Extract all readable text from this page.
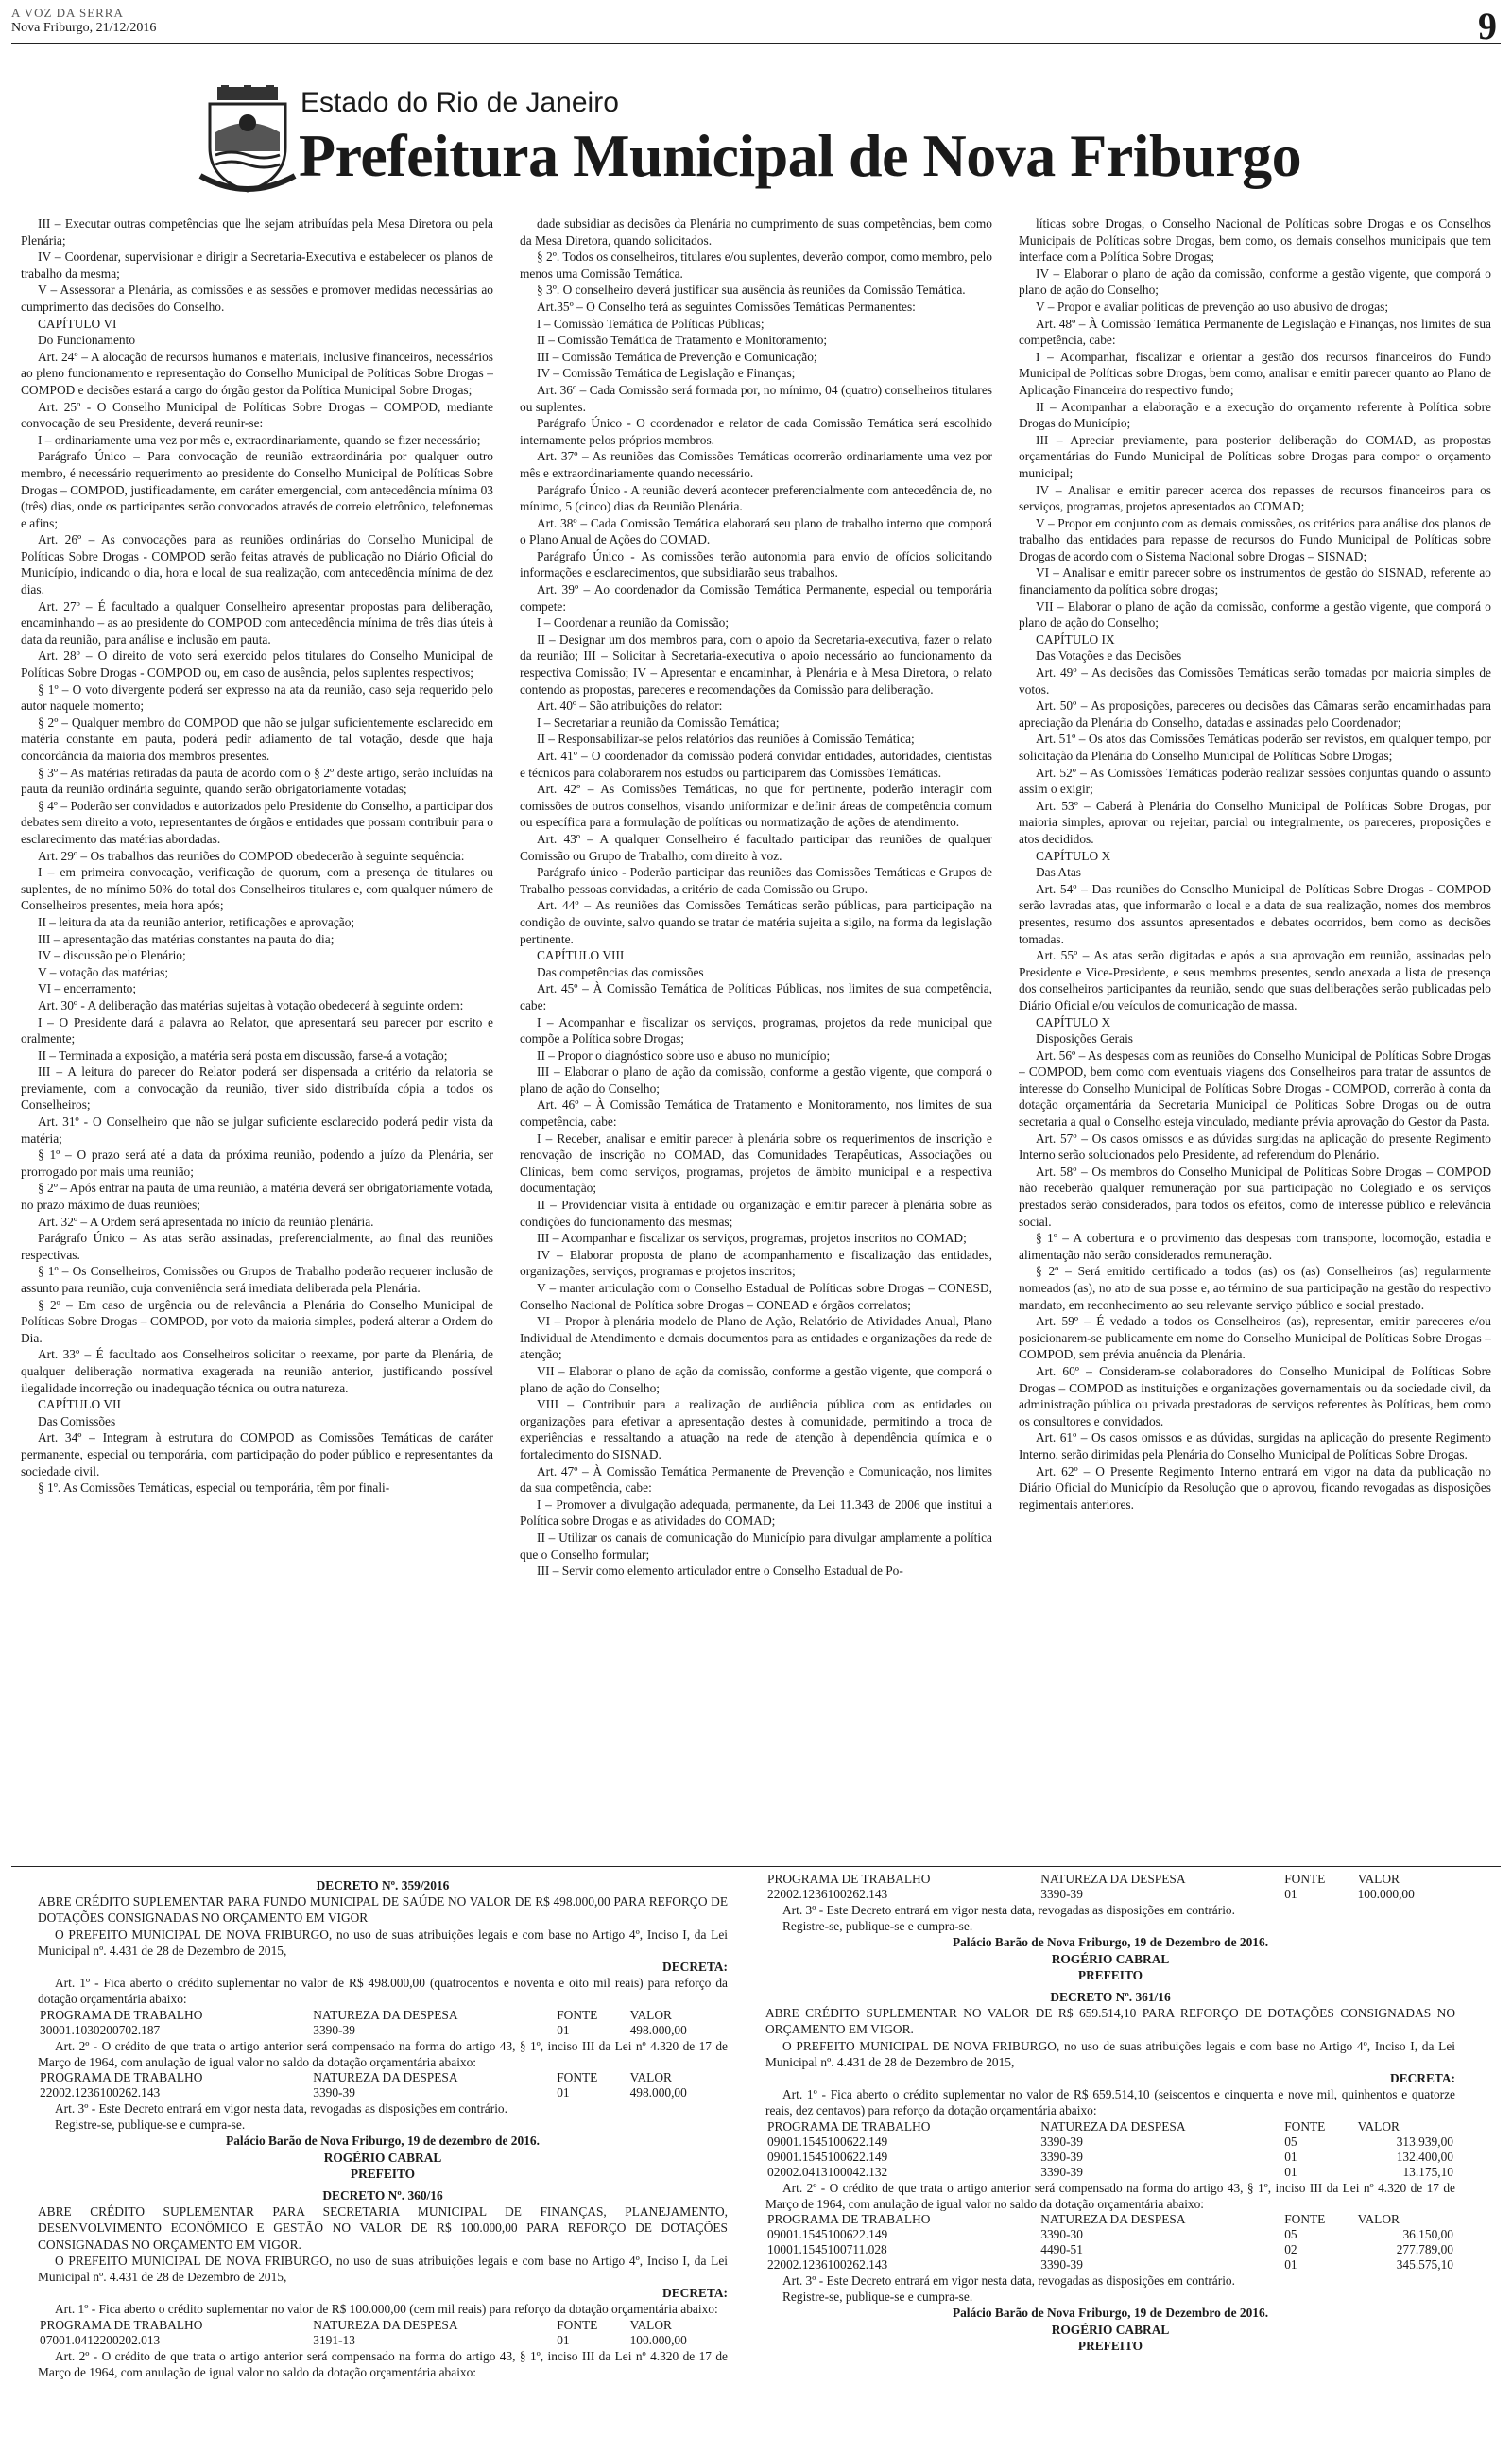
A VOZ DA SERRA
Nova Friburgo, 21/12/2016	9
Estado do Rio de Janeiro
Prefeitura Municipal de Nova Friburgo

III – Executar outras competências que lhe sejam atribuídas pela Mesa Diretora ou pela Plenária;

IV – Coordenar, supervisionar e dirigir a Secretaria-Executiva e estabelecer os planos de trabalho da mesma;

V – Assessorar a Plenária, as comissões e as sessões e promover medidas necessárias ao cumprimento das decisões do Conselho.

CAPÍTULO VI

Do Funcionamento

Art. 24º – A alocação de recursos humanos e materiais, inclusive financeiros, necessários ao pleno funcionamento e representação do Conselho Municipal de Políticas Sobre Drogas – COMPOD e decisões estará a cargo do órgão gestor da Política Municipal Sobre Drogas;

Art. 25º - O Conselho Municipal de Políticas Sobre Drogas – COMPOD, mediante convocação de seu Presidente, deverá reunir-se:

I – ordinariamente uma vez por mês e, extraordinariamente, quando se fizer necessário;

Parágrafo Único – Para convocação de reunião extraordinária por qualquer outro membro, é necessário requerimento ao presidente do Conselho Municipal de Políticas Sobre Drogas – COMPOD, justificadamente, em caráter emergencial, com antecedência mínima 03 (três) dias, onde os participantes serão convocados através de correio eletrônico, telefonemas e afins;

Art. 26º – As convocações para as reuniões ordinárias do Conselho Municipal de Políticas Sobre Drogas - COMPOD serão feitas através de publicação no Diário Oficial do Município, indicando o dia, hora e local de sua realização, com antecedência mínima de dez dias.

Art. 27º – É facultado a qualquer Conselheiro apresentar propostas para deliberação, encaminhando – as ao presidente do COMPOD com antecedência mínima de três dias úteis à data da reunião, para análise e inclusão em pauta.

Art. 28º – O direito de voto será exercido pelos titulares do Conselho Municipal de Políticas Sobre Drogas - COMPOD ou, em caso de ausência, pelos suplentes respectivos;

§ 1º – O voto divergente poderá ser expresso na ata da reunião, caso seja requerido pelo autor naquele momento;

§ 2º – Qualquer membro do COMPOD que não se julgar suficientemente esclarecido em matéria constante em pauta, poderá pedir adiamento de tal votação, desde que haja concordância da maioria dos membros presentes.

§ 3º – As matérias retiradas da pauta de acordo com o § 2º deste artigo, serão incluídas na pauta da reunião ordinária seguinte, quando serão obrigatoriamente votadas;

§ 4º – Poderão ser convidados e autorizados pelo Presidente do Conselho, a participar dos debates sem direito a voto, representantes de órgãos e entidades que possam contribuir para o esclarecimento das matérias abordadas.

Art. 29º – Os trabalhos das reuniões do COMPOD obedecerão à seguinte sequência:

I – em primeira convocação, verificação de quorum, com a presença de titulares ou suplentes, de no mínimo 50% do total dos Conselheiros titulares e, com qualquer número de Conselheiros presentes, meia hora após;

II – leitura da ata da reunião anterior, retificações e aprovação;

III – apresentação das matérias constantes na pauta do dia;

IV – discussão pelo Plenário;

V – votação das matérias;

VI – encerramento;

Art. 30º - A deliberação das matérias sujeitas à votação obedecerá à seguinte ordem:

I – O Presidente dará a palavra ao Relator, que apresentará seu parecer por escrito e oralmente;

II – Terminada a exposição, a matéria será posta em discussão, farse-á a votação;

III – A leitura do parecer do Relator poderá ser dispensada a critério da relatoria se previamente, com a convocação da reunião, tiver sido distribuída cópia a todos os Conselheiros;

Art. 31º - O Conselheiro que não se julgar suficiente esclarecido poderá pedir vista da matéria;

§ 1º – O prazo será até a data da próxima reunião, podendo a juízo da Plenária, ser prorrogado por mais uma reunião;

§ 2º – Após entrar na pauta de uma reunião, a matéria deverá ser obrigatoriamente votada, no prazo máximo de duas reuniões;

Art. 32º – A Ordem será apresentada no início da reunião plenária.

Parágrafo Único – As atas serão assinadas, preferencialmente, ao final das reuniões respectivas.

§ 1º – Os Conselheiros, Comissões ou Grupos de Trabalho poderão requerer inclusão de assunto para reunião, cuja conveniência será imediata deliberada pela Plenária.

§ 2º – Em caso de urgência ou de relevância a Plenária do Conselho Municipal de Políticas Sobre Drogas – COMPOD, por voto da maioria simples, poderá alterar a Ordem do Dia.

Art. 33º – É facultado aos Conselheiros solicitar o reexame, por parte da Plenária, de qualquer deliberação normativa exagerada na reunião anterior, justificando possível ilegalidade incorreção ou inadequação técnica ou outra natureza.

CAPÍTULO VII

Das Comissões

Art. 34º – Integram à estrutura do COMPOD as Comissões Temáticas de caráter permanente, especial ou temporária, com participação do poder público e representantes da sociedade civil.

§ 1º. As Comissões Temáticas, especial ou temporária, têm por finali-

dade subsidiar as decisões da Plenária no cumprimento de suas competências, bem como da Mesa Diretora, quando solicitados.

§ 2º. Todos os conselheiros, titulares e/ou suplentes, deverão compor, como membro, pelo menos uma Comissão Temática.

§ 3º. O conselheiro deverá justificar sua ausência às reuniões da Comissão Temática.

Art.35º – O Conselho terá as seguintes Comissões Temáticas Permanentes:

I – Comissão Temática de Políticas Públicas;

II – Comissão Temática de Tratamento e Monitoramento;

III – Comissão Temática de Prevenção e Comunicação;

IV – Comissão Temática de Legislação e Finanças;

Art. 36º – Cada Comissão será formada por, no mínimo, 04 (quatro) conselheiros titulares ou suplentes.

Parágrafo Único - O coordenador e relator de cada Comissão Temática será escolhido internamente pelos próprios membros.

Art. 37º – As reuniões das Comissões Temáticas ocorrerão ordinariamente uma vez por mês e extraordinariamente quando necessário.

Parágrafo Único - A reunião deverá acontecer preferencialmente com antecedência de, no mínimo, 5 (cinco) dias da Reunião Plenária.

Art. 38º – Cada Comissão Temática elaborará seu plano de trabalho interno que comporá o Plano Anual de Ações do COMAD.

Parágrafo Único - As comissões terão autonomia para envio de ofícios solicitando informações e esclarecimentos, que subsidiarão seus trabalhos.

Art. 39º – Ao coordenador da Comissão Temática Permanente, especial ou temporária compete:

I – Coordenar a reunião da Comissão;

II – Designar um dos membros para, com o apoio da Secretaria-executiva, fazer o relato da reunião; III – Solicitar à Secretaria-executiva o apoio necessário ao funcionamento da respectiva Comissão; IV – Apresentar e encaminhar, à Plenária e à Mesa Diretora, o relato contendo as propostas, pareceres e recomendações da Comissão para deliberação.

Art. 40º – São atribuições do relator:

I – Secretariar a reunião da Comissão Temática;

II – Responsabilizar-se pelos relatórios das reuniões à Comissão Temática;

Art. 41º – O coordenador da comissão poderá convidar entidades, autoridades, cientistas e técnicos para colaborarem nos estudos ou participarem das Comissões Temáticas.

Art. 42º – As Comissões Temáticas, no que for pertinente, poderão interagir com comissões de outros conselhos, visando uniformizar e definir áreas de competência comum ou específica para a formulação de políticas ou normatização de ações de atendimento.

Art. 43º – A qualquer Conselheiro é facultado participar das reuniões de qualquer Comissão ou Grupo de Trabalho, com direito à voz.

Parágrafo único - Poderão participar das reuniões das Comissões Temáticas e Grupos de Trabalho pessoas convidadas, a critério de cada Comissão ou Grupo.

Art. 44º – As reuniões das Comissões Temáticas serão públicas, para participação na condição de ouvinte, salvo quando se tratar de matéria sujeita a sigilo, na forma da legislação pertinente.

CAPÍTULO VIII

Das competências das comissões

Art. 45º – À Comissão Temática de Políticas Públicas, nos limites de sua competência, cabe:

I – Acompanhar e fiscalizar os serviços, programas, projetos da rede municipal que compõe a Política sobre Drogas;

II – Propor o diagnóstico sobre uso e abuso no município;

III – Elaborar o plano de ação da comissão, conforme a gestão vigente, que comporá o plano de ação do Conselho;

Art. 46º – À Comissão Temática de Tratamento e Monitoramento, nos limites de sua competência, cabe:

I – Receber, analisar e emitir parecer à plenária sobre os requerimentos de inscrição e renovação de inscrição no COMAD, das Comunidades Terapêuticas, Associações ou Clínicas, bem como serviços, programas, projetos de âmbito municipal e a respectiva documentação;

II – Providenciar visita à entidade ou organização e emitir parecer à plenária sobre as condições do funcionamento das mesmas;

III – Acompanhar e fiscalizar os serviços, programas, projetos inscritos no COMAD;

IV – Elaborar proposta de plano de acompanhamento e fiscalização das entidades, organizações, serviços, programas e projetos inscritos;

V – manter articulação com o Conselho Estadual de Políticas sobre Drogas – CONESD, Conselho Nacional de Política sobre Drogas – CONEAD e órgãos correlatos;

VI – Propor à plenária modelo de Plano de Ação, Relatório de Atividades Anual, Plano Individual de Atendimento e demais documentos para as entidades e organizações da rede de atenção;

VII – Elaborar o plano de ação da comissão, conforme a gestão vigente, que comporá o plano de ação do Conselho;

VIII – Contribuir para a realização de audiência pública com as entidades ou organizações para efetivar a apresentação destes à comunidade, permitindo a troca de experiências e ressaltando a atuação na rede de atenção à dependência química e o fortalecimento do SISNAD.

Art. 47º – À Comissão Temática Permanente de Prevenção e Comunicação, nos limites da sua competência, cabe:

I – Promover a divulgação adequada, permanente, da Lei 11.343 de 2006 que institui a Política sobre Drogas e as atividades do COMAD;

II – Utilizar os canais de comunicação do Município para divulgar amplamente a política que o Conselho formular;

III – Servir como elemento articulador entre o Conselho Estadual de Po-

líticas sobre Drogas, o Conselho Nacional de Políticas sobre Drogas e os Conselhos Municipais de Políticas sobre Drogas, bem como, os demais conselhos municipais que tem interface com a Política Sobre Drogas;

IV – Elaborar o plano de ação da comissão, conforme a gestão vigente, que comporá o plano de ação do Conselho;

V – Propor e avaliar políticas de prevenção ao uso abusivo de drogas;

Art. 48º – À Comissão Temática Permanente de Legislação e Finanças, nos limites de sua competência, cabe:

I – Acompanhar, fiscalizar e orientar a gestão dos recursos financeiros do Fundo Municipal de Políticas sobre Drogas, bem como, analisar e emitir parecer quanto ao Plano de Aplicação Financeira do respectivo fundo;

II – Acompanhar a elaboração e a execução do orçamento referente à Política sobre Drogas do Município;

III – Apreciar previamente, para posterior deliberação do COMAD, as propostas orçamentárias do Fundo Municipal de Políticas sobre Drogas para compor o orçamento municipal;

IV – Analisar e emitir parecer acerca dos repasses de recursos financeiros para os serviços, programas, projetos apresentados ao COMAD;

V – Propor em conjunto com as demais comissões, os critérios para análise dos planos de trabalho das entidades para repasse de recursos do Fundo Municipal de Políticas sobre Drogas de acordo com o Sistema Nacional sobre Drogas – SISNAD;

VI – Analisar e emitir parecer sobre os instrumentos de gestão do SISNAD, referente ao financiamento da política sobre drogas;

VII – Elaborar o plano de ação da comissão, conforme a gestão vigente, que comporá o plano de ação do Conselho;

CAPÍTULO IX

Das Votações e das Decisões

Art. 49º – As decisões das Comissões Temáticas serão tomadas por maioria simples de votos.

Art. 50º – As proposições, pareceres ou decisões das Câmaras serão encaminhadas para apreciação da Plenária do Conselho, datadas e assinadas pelo Coordenador;

Art. 51º – Os atos das Comissões Temáticas poderão ser revistos, em qualquer tempo, por solicitação da Plenária do Conselho Municipal de Políticas Sobre Drogas;

Art. 52º – As Comissões Temáticas poderão realizar sessões conjuntas quando o assunto assim o exigir;

Art. 53º – Caberá à Plenária do Conselho Municipal de Políticas Sobre Drogas, por maioria simples, aprovar ou rejeitar, parcial ou integralmente, os pareceres, proposições e atos decididos.

CAPÍTULO X

Das Atas

Art. 54º – Das reuniões do Conselho Municipal de Políticas Sobre Drogas - COMPOD serão lavradas atas, que informarão o local e a data de sua realização, nomes dos membros presentes, resumo dos assuntos apresentados e debates ocorridos, bem como as decisões tomadas.

Art. 55º – As atas serão digitadas e após a sua aprovação em reunião, assinadas pelo Presidente e Vice-Presidente, e seus membros presentes, sendo anexada a lista de presença dos conselheiros participantes da reunião, sendo que suas deliberações serão publicadas pelo Diário Oficial e/ou veículos de comunicação de massa.

CAPÍTULO X

Disposições Gerais

Art. 56º – As despesas com as reuniões do Conselho Municipal de Políticas Sobre Drogas – COMPOD, bem como com eventuais viagens dos Conselheiros para tratar de assuntos de interesse do Conselho Municipal de Políticas Sobre Drogas - COMPOD, correrão à conta da dotação orçamentária da Secretaria Municipal de Políticas Sobre Drogas ou de outra secretaria a qual o Conselho esteja vinculado, mediante prévia aprovação do Gestor da Pasta.

Art. 57º – Os casos omissos e as dúvidas surgidas na aplicação do presente Regimento Interno serão solucionados pelo Presidente, ad referendum do Plenário.

Art. 58º – Os membros do Conselho Municipal de Políticas Sobre Drogas – COMPOD não receberão qualquer remuneração por sua participação no Colegiado e os serviços prestados serão considerados, para todos os efeitos, como de interesse público e relevância social.

§ 1º – A cobertura e o provimento das despesas com transporte, locomoção, estadia e alimentação não serão considerados remuneração.

§ 2º – Será emitido certificado a todos (as) os (as) Conselheiros (as) regularmente nomeados (as), no ato de sua posse e, ao término de sua participação na gestão do respectivo mandato, em reconhecimento ao seu relevante serviço público e social prestado.

Art. 59º – É vedado a todos os Conselheiros (as), representar, emitir pareceres e/ou posicionarem-se publicamente em nome do Conselho Municipal de Políticas Sobre Drogas – COMPOD, sem prévia anuência da Plenária.

Art. 60º – Consideram-se colaboradores do Conselho Municipal de Políticas Sobre Drogas – COMPOD as instituições e organizações governamentais ou da sociedade civil, da administração pública ou privada prestadoras de serviços referentes às Políticas, bem como os consultores e convidados.

Art. 61º – Os casos omissos e as dúvidas, surgidas na aplicação do presente Regimento Interno, serão dirimidas pela Plenária do Conselho Municipal de Políticas Sobre Drogas.

Art. 62º – O Presente Regimento Interno entrará em vigor na data da publicação no Diário Oficial do Município da Resolução que o aprovou, ficando revogadas as disposições regimentais anteriores.

DECRETO Nº. 359/2016

ABRE CRÉDITO SUPLEMENTAR PARA FUNDO MUNICIPAL DE SAÚDE NO VALOR DE R$ 498.000,00 PARA REFORÇO DE DOTAÇÕES CONSIGNADAS NO ORÇAMENTO EM VIGOR

O PREFEITO MUNICIPAL DE NOVA FRIBURGO, no uso de suas atribuições legais e com base no Artigo 4º, Inciso I, da Lei Municipal nº. 4.431 de 28 de Dezembro de 2015,

DECRETA:

Art. 1º - Fica aberto o crédito suplementar no valor de R$ 498.000,00 (quatrocentos e noventa e oito mil reais) para reforço da dotação orçamentária abaixo:

PROGRAMA DE TRABALHO	NATUREZA DA DESPESA	FONTE	VALOR
30001.1030200702.187	3390-39	01	498.000,00

Art. 2º - O crédito de que trata o artigo anterior será compensado na forma do artigo 43, § 1º, inciso III da Lei nº 4.320 de 17 de Março de 1964, com anulação de igual valor no saldo da dotação orçamentária abaixo:

PROGRAMA DE TRABALHO	NATUREZA DA DESPESA	FONTE	VALOR
22002.1236100262.143	3390-39	01	498.000,00

Art. 3º - Este Decreto entrará em vigor nesta data, revogadas as disposições em contrário.

Registre-se, publique-se e cumpra-se.

Palácio Barão de Nova Friburgo, 19 de dezembro de 2016.

ROGÉRIO CABRAL

PREFEITO

DECRETO Nº. 360/16

ABRE CRÉDITO SUPLEMENTAR PARA SECRETARIA MUNICIPAL DE FINANÇAS, PLANEJAMENTO, DESENVOLVIMENTO ECONÔMICO E GESTÃO NO VALOR DE R$ 100.000,00 PARA REFORÇO DE DOTAÇÕES CONSIGNADAS NO ORÇAMENTO EM VIGOR.

O PREFEITO MUNICIPAL DE NOVA FRIBURGO, no uso de suas atribuições legais e com base no Artigo 4º, Inciso I, da Lei Municipal nº. 4.431 de 28 de Dezembro de 2015,

DECRETA:

Art. 1º - Fica aberto o crédito suplementar no valor de R$ 100.000,00 (cem mil reais) para reforço da dotação orçamentária abaixo:

PROGRAMA DE TRABALHO	NATUREZA DA DESPESA	FONTE	VALOR
07001.0412200202.013	3191-13	01	100.000,00

Art. 2º - O crédito de que trata o artigo anterior será compensado na forma do artigo 43, § 1º, inciso III da Lei nº 4.320 de 17 de Março de 1964, com anulação de igual valor no saldo da dotação orçamentária abaixo:

PROGRAMA DE TRABALHO	NATUREZA DA DESPESA	FONTE	VALOR
22002.1236100262.143	3390-39	01	100.000,00

Art. 3º - Este Decreto entrará em vigor nesta data, revogadas as disposições em contrário.

Registre-se, publique-se e cumpra-se.

Palácio Barão de Nova Friburgo, 19 de Dezembro de 2016.

ROGÉRIO CABRAL

PREFEITO

DECRETO Nº. 361/16

ABRE CRÉDITO SUPLEMENTAR NO VALOR DE R$ 659.514,10 PARA REFORÇO DE DOTAÇÕES CONSIGNADAS NO ORÇAMENTO EM VIGOR.

O PREFEITO MUNICIPAL DE NOVA FRIBURGO, no uso de suas atribuições legais e com base no Artigo 4º, Inciso I, da Lei Municipal nº. 4.431 de 28 de Dezembro de 2015,

DECRETA:

Art. 1º - Fica aberto o crédito suplementar no valor de R$ 659.514,10 (seiscentos e cinquenta e nove mil, quinhentos e quatorze reais, dez centavos) para reforço da dotação orçamentária abaixo:

PROGRAMA DE TRABALHO	NATUREZA DA DESPESA	FONTE	VALOR
09001.1545100622.149	3390-39	05	313.939,00
09001.1545100622.149	3390-39	01	132.400,00
02002.0413100042.132	3390-39	01	13.175,10

Art. 2º - O crédito de que trata o artigo anterior será compensado na forma do artigo 43, § 1º, inciso III da Lei nº 4.320 de 17 de Março de 1964, com anulação de igual valor no saldo da dotação orçamentária abaixo:

PROGRAMA DE TRABALHO	NATUREZA DA DESPESA	FONTE	VALOR
09001.1545100622.149	3390-30	05	36.150,00
10001.1545100711.028	4490-51	02	277.789,00
22002.1236100262.143	3390-39	01	345.575,10

Art. 3º - Este Decreto entrará em vigor nesta data, revogadas as disposições em contrário.

Registre-se, publique-se e cumpra-se.

Palácio Barão de Nova Friburgo, 19 de Dezembro de 2016.

ROGÉRIO CABRAL

PREFEITO
